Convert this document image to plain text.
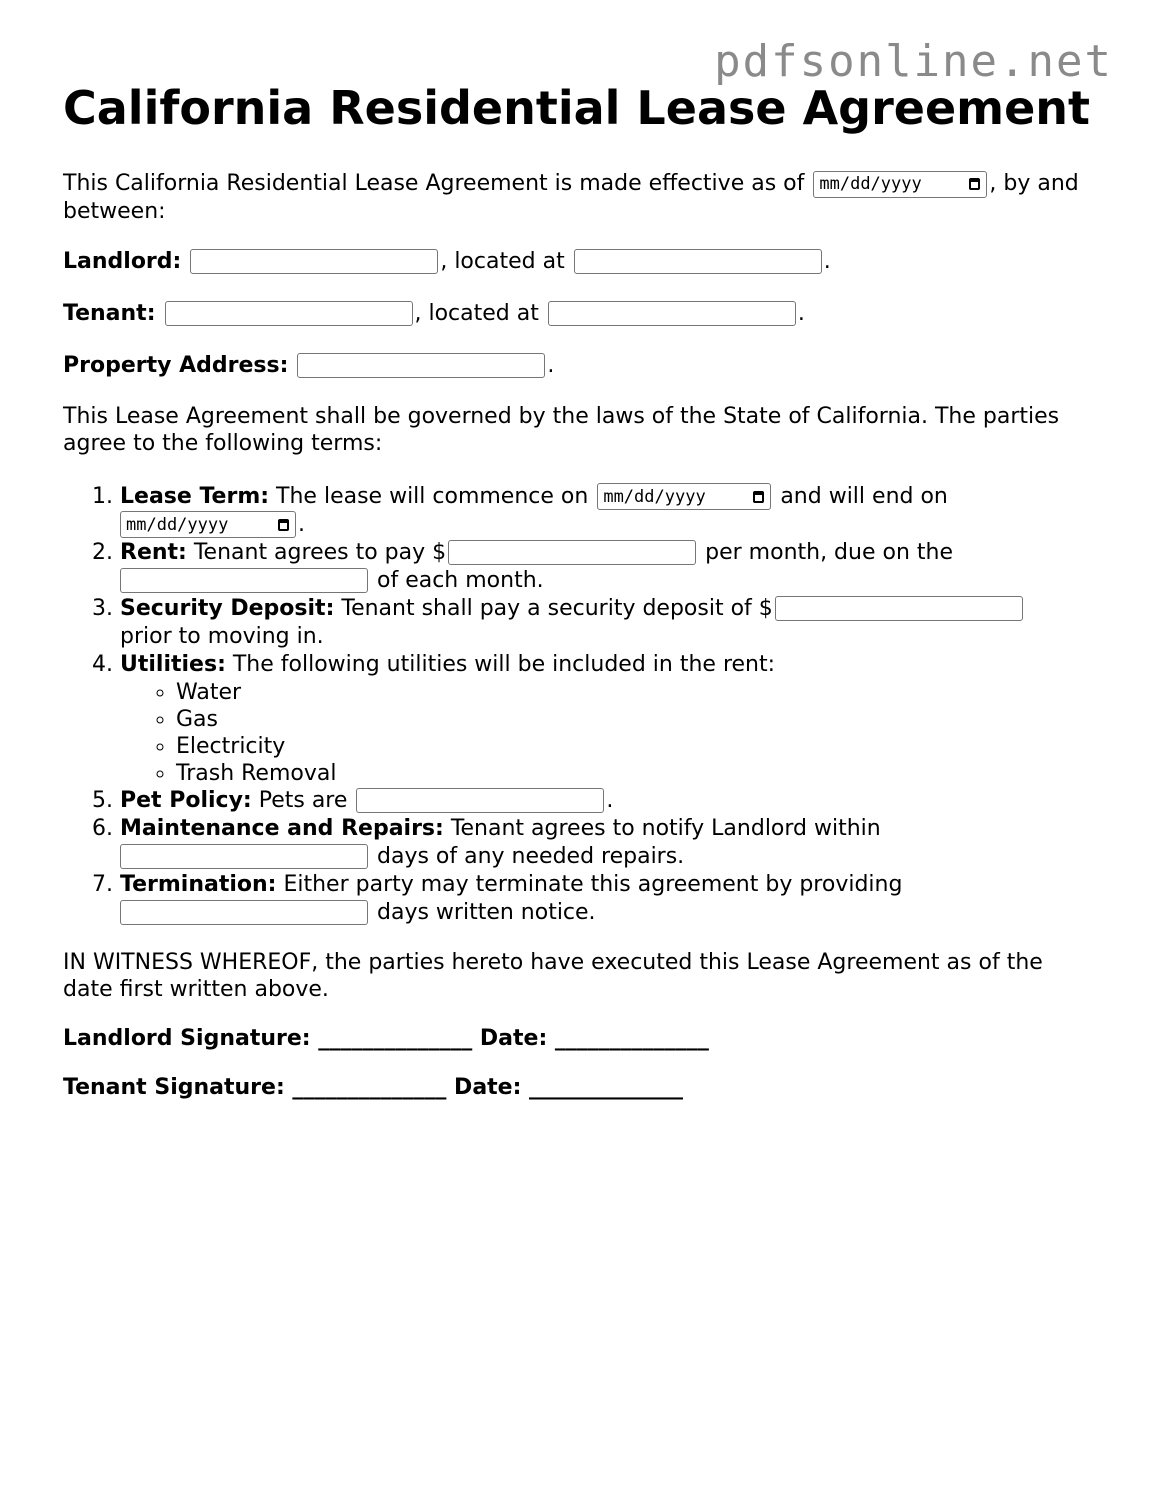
pdfsonline.net
California Residential Lease Agreement

This California Residential Lease Agreement is made effective as of mm/dd/yyyy	, by and between:

Landlord:
	, located at
	.
Tenant:
	, located at
	.
Property Address:
	.

This Lease Agreement shall be governed by the laws of the State of California. The parties agree to the following terms:

1. Lease Term: The lease will commence on mm/dd/yyyy	and will end on

mm/dd/yyyy	.
2. Rent: Tenant agrees to pay $	per month, due on the
of each month.
3. Security Deposit: Tenant shall pay a security deposit of $
prior to moving in.
4. Utilities: The following utilities will be included in the rent:
◦ Water
◦ Gas
◦ Electricity
◦ Trash Removal
5. Pet Policy: Pets are	.
6. Maintenance and Repairs: Tenant agrees to notify Landlord within
days of any needed repairs.
7. Termination: Either party may terminate this agreement by providing
days written notice.

IN WITNESS WHEREOF, the parties hereto have executed this Lease Agreement as of the date first written above.

Landlord Signature: ______________ Date: ______________

Tenant Signature: ______________ Date: ______________
